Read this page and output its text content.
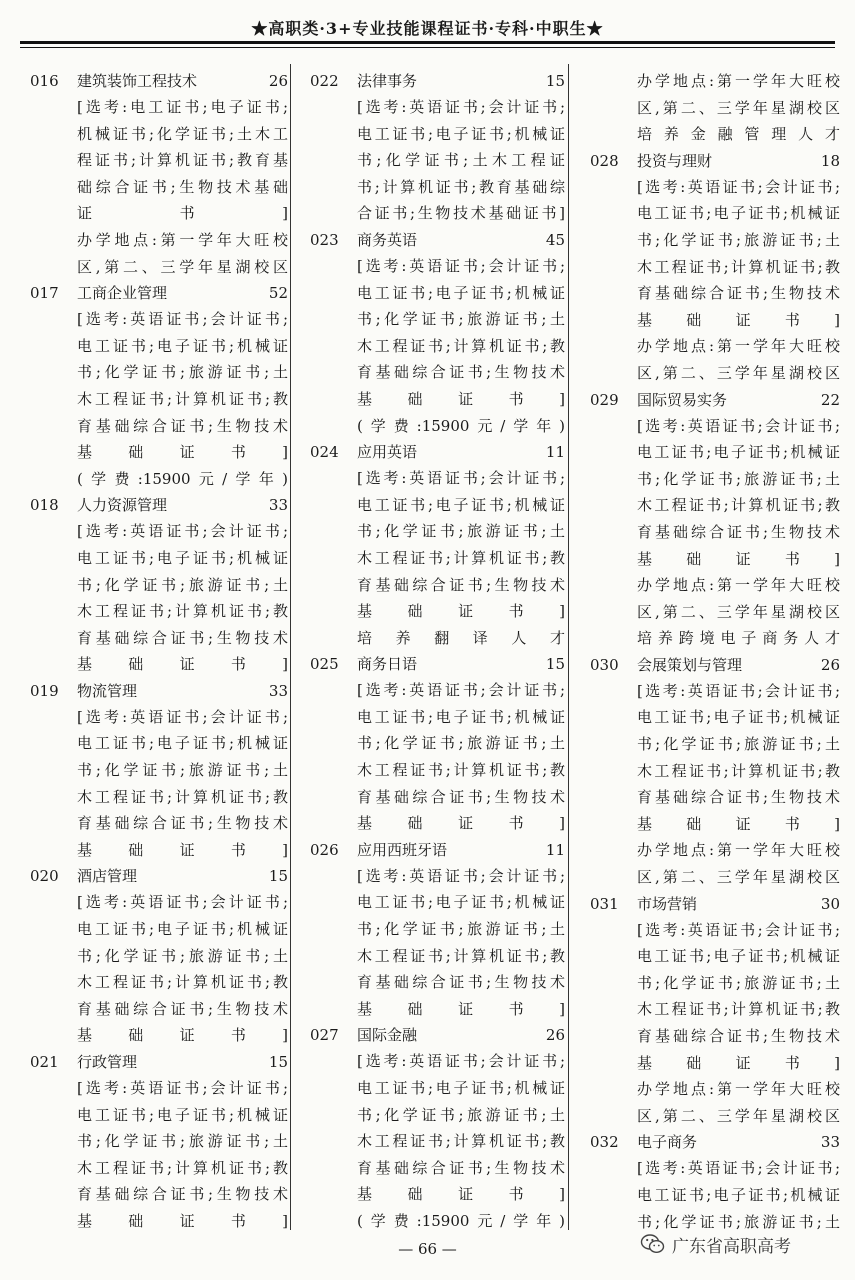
★高职类·3+专业技能课程证书·专科·中职生★
016	建筑装饰工程技术	26
[选考:电工证书;电子证书;
机械证书;化学证书;土木工
程证书;计算机证书;教育基
础综合证书;生物技术基础
证书]
办学地点:第一学年大旺校
区,第二、三学年星湖校区
017	工商企业管理	52
[选考:英语证书;会计证书;
电工证书;电子证书;机械证
书;化学证书;旅游证书;土
木工程证书;计算机证书;教
育基础综合证书;生物技术
基础证书]
(学费:15900元/学年)
018	人力资源管理	33
[选考:英语证书;会计证书;
电工证书;电子证书;机械证
书;化学证书;旅游证书;土
木工程证书;计算机证书;教
育基础综合证书;生物技术
基础证书]
019	物流管理	33
[选考:英语证书;会计证书;
电工证书;电子证书;机械证
书;化学证书;旅游证书;土
木工程证书;计算机证书;教
育基础综合证书;生物技术
基础证书]
020	酒店管理	15
[选考:英语证书;会计证书;
电工证书;电子证书;机械证
书;化学证书;旅游证书;土
木工程证书;计算机证书;教
育基础综合证书;生物技术
基础证书]
021	行政管理	15
[选考:英语证书;会计证书;
电工证书;电子证书;机械证
书;化学证书;旅游证书;土
木工程证书;计算机证书;教
育基础综合证书;生物技术
基础证书]
022	法律事务	15
[选考:英语证书;会计证书;
电工证书;电子证书;机械证
书;化学证书;土木工程证
书;计算机证书;教育基础综
合证书;生物技术基础证书]
023	商务英语	45
[选考:英语证书;会计证书;
电工证书;电子证书;机械证
书;化学证书;旅游证书;土
木工程证书;计算机证书;教
育基础综合证书;生物技术
基础证书]
(学费:15900元/学年)
024	应用英语	11
[选考:英语证书;会计证书;
电工证书;电子证书;机械证
书;化学证书;旅游证书;土
木工程证书;计算机证书;教
育基础综合证书;生物技术
基础证书]
培养翻译人才
025	商务日语	15
[选考:英语证书;会计证书;
电工证书;电子证书;机械证
书;化学证书;旅游证书;土
木工程证书;计算机证书;教
育基础综合证书;生物技术
基础证书]
026	应用西班牙语	11
[选考:英语证书;会计证书;
电工证书;电子证书;机械证
书;化学证书;旅游证书;土
木工程证书;计算机证书;教
育基础综合证书;生物技术
基础证书]
027	国际金融	26
[选考:英语证书;会计证书;
电工证书;电子证书;机械证
书;化学证书;旅游证书;土
木工程证书;计算机证书;教
育基础综合证书;生物技术
基础证书]
(学费:15900元/学年)
办学地点:第一学年大旺校
区,第二、三学年星湖校区
培养金融管理人才
028	投资与理财	18
[选考:英语证书;会计证书;
电工证书;电子证书;机械证
书;化学证书;旅游证书;土
木工程证书;计算机证书;教
育基础综合证书;生物技术
基础证书]
办学地点:第一学年大旺校
区,第二、三学年星湖校区
029	国际贸易实务	22
[选考:英语证书;会计证书;
电工证书;电子证书;机械证
书;化学证书;旅游证书;土
木工程证书;计算机证书;教
育基础综合证书;生物技术
基础证书]
办学地点:第一学年大旺校
区,第二、三学年星湖校区
培养跨境电子商务人才
030	会展策划与管理	26
[选考:英语证书;会计证书;
电工证书;电子证书;机械证
书;化学证书;旅游证书;土
木工程证书;计算机证书;教
育基础综合证书;生物技术
基础证书]
办学地点:第一学年大旺校
区,第二、三学年星湖校区
031	市场营销	30
[选考:英语证书;会计证书;
电工证书;电子证书;机械证
书;化学证书;旅游证书;土
木工程证书;计算机证书;教
育基础综合证书;生物技术
基础证书]
办学地点:第一学年大旺校
区,第二、三学年星湖校区
032	电子商务	33
[选考:英语证书;会计证书;
电工证书;电子证书;机械证
书;化学证书;旅游证书;土
— 66 —	广东省高职高考
